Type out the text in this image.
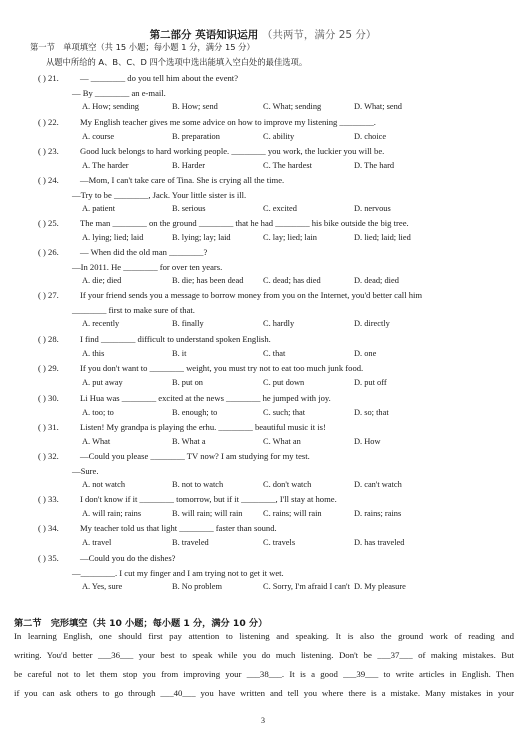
第二部分 英语知识运用 （共两节，满分 25 分）
第一节　单项填空（共 15 小题；每小题 1 分，满分 15 分）
从题中所给的 A、B、C、D 四个选项中选出能填入空白处的最佳选项。
( ) 21. — ________ do you tell him about the event?
— By ________ an e-mail.
A. How; sending	B. How; send	C. What; sending	D. What; send
( ) 22. My English teacher gives me some advice on how to improve my listening ________.
A. course	B. preparation	C. ability	D. choice
( ) 23. Good luck belongs to hard working people. ________ you work, the luckier you will be.
A. The harder	B. Harder	C. The hardest	D. The hard
( ) 24. —Mom, I can't take care of Tina. She is crying all the time.
—Try to be ________, Jack. Your little sister is ill.
A. patient	B. serious	C. excited	D. nervous
( ) 25. The man ________ on the ground ________ that he had ________ his bike outside the big tree.
A. lying; lied; laid	B. lying; lay; laid	C. lay; lied; lain	D. lied; laid; lied
( ) 26. — When did the old man ________?
—In 2011. He ________ for over ten years.
A. die; died	B. die; has been dead C. dead; has died	D. dead; died
( ) 27. If your friend sends you a message to borrow money from you on the Internet, you'd better call him
________ first to make sure of that.
A. recently	B. finally	C. hardly	D. directly
( ) 28. I find ________ difficult to understand spoken English.
A. this	B. it	C. that	D. one
( ) 29. If you don't want to ________ weight, you must try not to eat too much junk food.
A. put away	B. put on	C. put down	D. put off
( ) 30. Li Hua was ________ excited at the news ________ he jumped with joy.
A. too; to	B. enough; to	C. such; that	D. so; that
( ) 31. Listen! My grandpa is playing the erhu. ________ beautiful music it is!
A. What	B. What a	C. What an	D. How
( ) 32. —Could you please ________ TV now? I am studying for my test.
—Sure.
A. not watch	B. not to watch	C. don't watch	D. can't watch
( ) 33. I don't know if it ________ tomorrow, but if it ________, I'll stay at home.
A. will rain; rains	B. will rain; will rain C. rains; will rain	D. rains; rains
( ) 34. My teacher told us that light ________ faster than sound.
A. travel	B. traveled	C. travels	D. has traveled
( ) 35. —Could you do the dishes?
—________. I cut my finger and I am trying not to get it wet.
A. Yes, sure	B. No problem	C. Sorry, I'm afraid I can't D. My pleasure
第二节　完形填空（共 10 小题；每小题 1 分，满分 10 分）
In learning English, one should first pay attention to listening and speaking. It is also the ground work of reading and
writing. You'd better ___36___ your best to speak while you do much listening. Don't be ___37___ of making mistakes. But
be careful not to let them stop you from improving your ___38___. It is a good ___39___ to write articles in English. Then
if you can ask others to go through ___40___ you have written and tell you where there is a mistake. Many mistakes in your
3
